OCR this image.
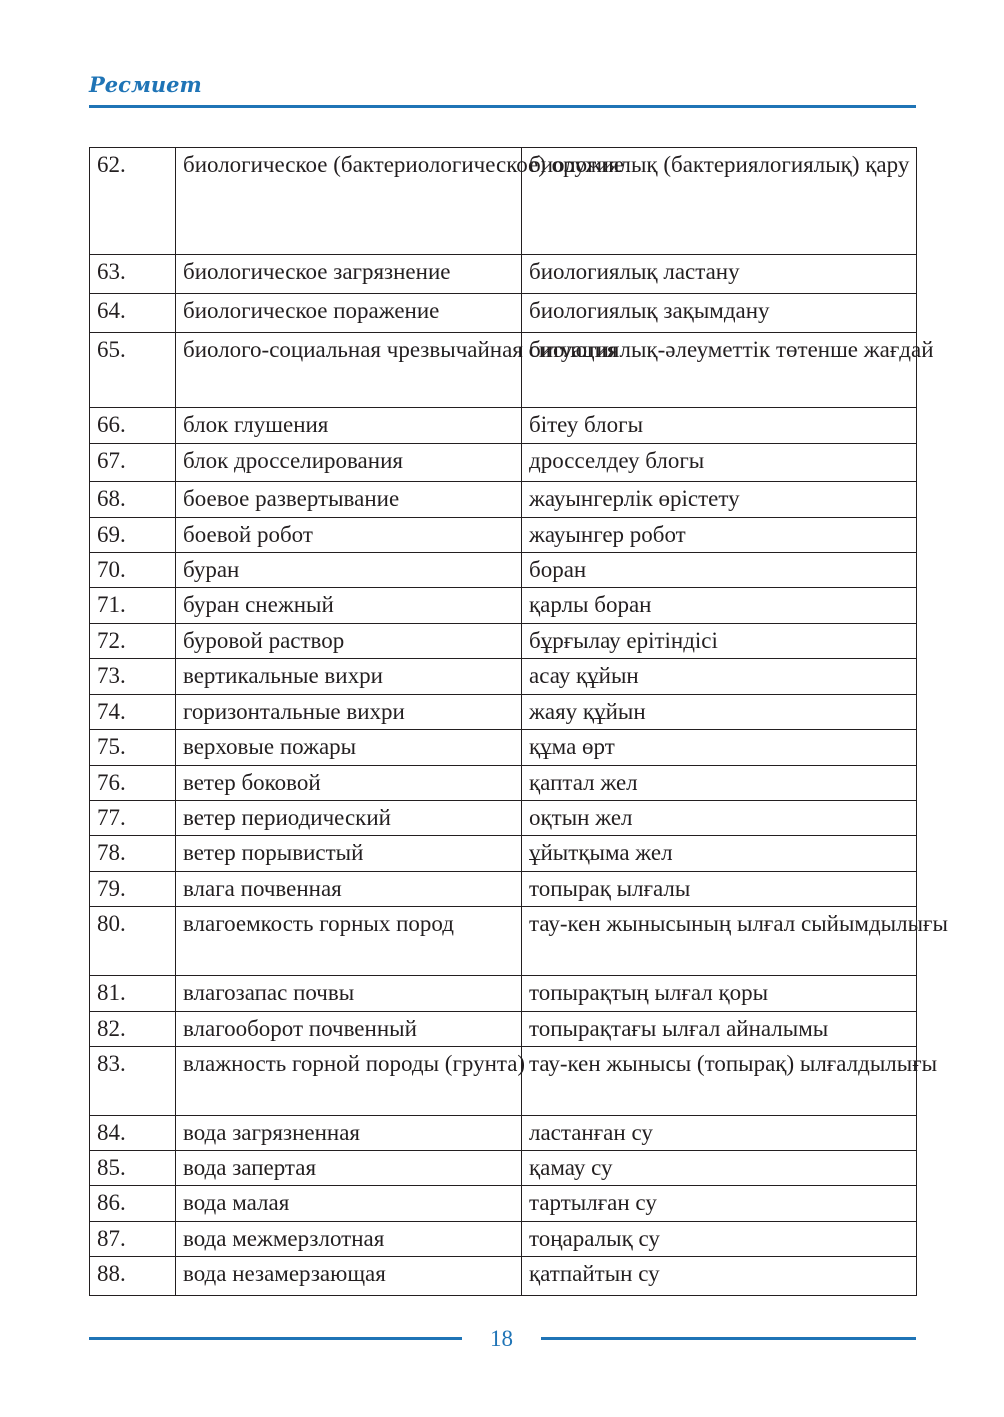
Ресмиет
62.	биологическое (бактериологическое) оружие	биологиялық (бактериялогиялық) қару
63.	биологическое загрязнение	биологиялық ластану
64.	биологическое поражение	биологиялық зақымдану
65.	биолого-социальная чрезвычайная ситуация	биологиялық-әлеуметтік төтенше жағдай
66.	блок глушения	бітеу блогы
67.	блок дросселирования	дросселдеу блогы
68.	боевое развертывание	жауынгерлік өрістету
69.	боевой робот	жауынгер робот
70.	буран	боран
71.	буран снежный	қарлы боран
72.	буровой раствор	бұрғылау ерітіндісі
73.	вертикальные вихри	асау құйын
74.	горизонтальные вихри	жаяу құйын
75.	верховые пожары	құма өрт
76.	ветер боковой	қаптал жел
77.	ветер периодический	оқтын жел
78.	ветер порывистый	ұйытқыма жел
79.	влага почвенная	топырақ ылғалы
80.	влагоемкость горных пород	тау-кен жынысының ылғал сыйымдылығы
81.	влагозапас почвы	топырақтың ылғал қоры
82.	влагооборот почвенный	топырақтағы ылғал айналымы
83.	влажность горной породы (грунта)	тау-кен жынысы (топырақ) ылғалдылығы
84.	вода загрязненная	ластанған су
85.	вода запертая	қамау су
86.	вода малая	тартылған су
87.	вода межмерзлотная	тоңаралық су
88.	вода незамерзающая	қатпайтын су
18
